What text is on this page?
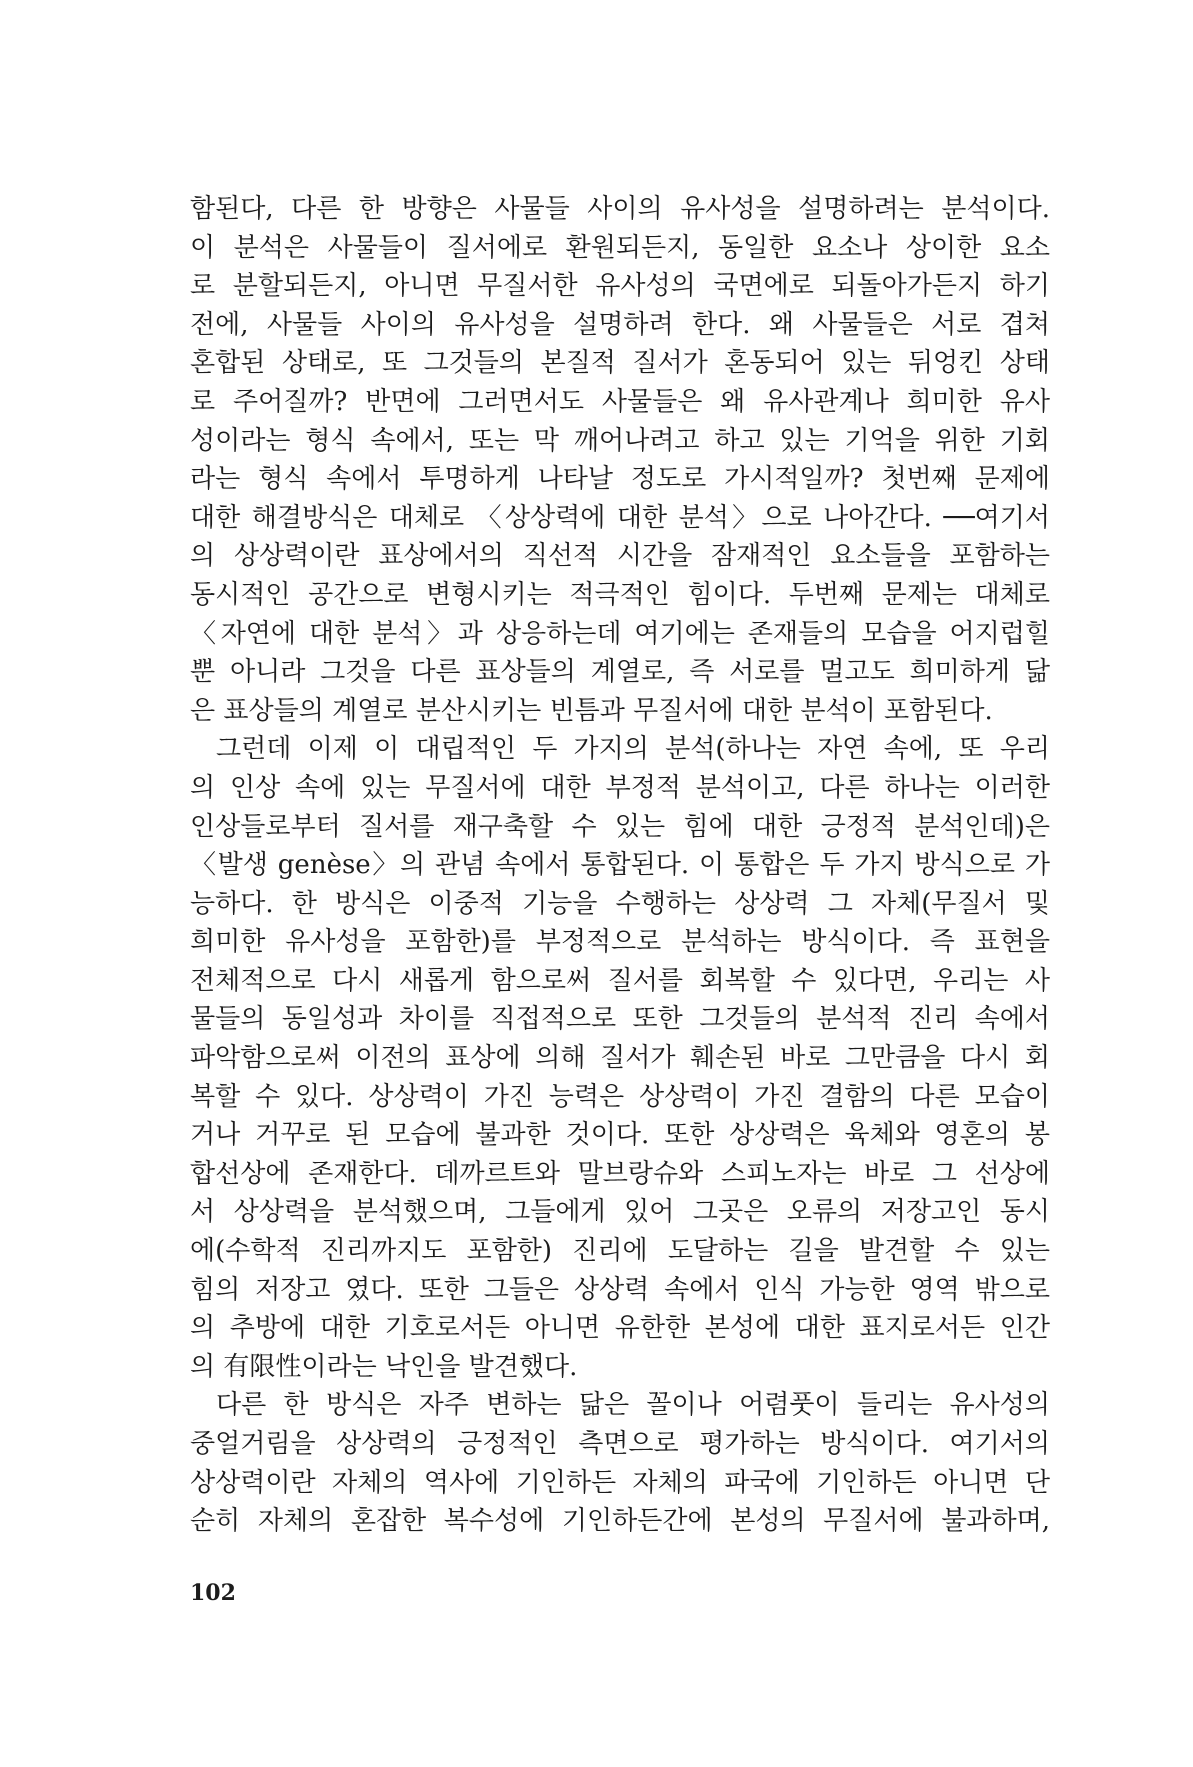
함된다, 다른 한 방향은 사물들 사이의 유사성을 설명하려는 분석이다.
이 분석은 사물들이 질서에로 환원되든지, 동일한 요소나 상이한 요소
로 분할되든지, 아니면 무질서한 유사성의 국면에로 되돌아가든지 하기
전에, 사물들 사이의 유사성을 설명하려 한다. 왜 사물들은 서로 겹쳐
혼합된 상태로, 또 그것들의 본질적 질서가 혼동되어 있는 뒤엉킨 상태
로 주어질까? 반면에 그러면서도 사물들은 왜 유사관계나 희미한 유사
성이라는 형식 속에서, 또는 막 깨어나려고 하고 있는 기억을 위한 기회
라는 형식 속에서 투명하게 나타날 정도로 가시적일까? 첫번째 문제에
대한 해결방식은 대체로 〈상상력에 대한 분석〉으로 나아간다. ──여기서
의 상상력이란 표상에서의 직선적 시간을 잠재적인 요소들을 포함하는
동시적인 공간으로 변형시키는 적극적인 힘이다. 두번째 문제는 대체로
〈자연에 대한 분석〉과 상응하는데 여기에는 존재들의 모습을 어지럽힐
뿐 아니라 그것을 다른 표상들의 계열로, 즉 서로를 멀고도 희미하게 닮
은 표상들의 계열로 분산시키는 빈틈과 무질서에 대한 분석이 포함된다.
그런데 이제 이 대립적인 두 가지의 분석(하나는 자연 속에, 또 우리
의 인상 속에 있는 무질서에 대한 부정적 분석이고, 다른 하나는 이러한
인상들로부터 질서를 재구축할 수 있는 힘에 대한 긍정적 분석인데)은
〈발생 genèse〉의 관념 속에서 통합된다. 이 통합은 두 가지 방식으로 가
능하다. 한 방식은 이중적 기능을 수행하는 상상력 그 자체(무질서 및
희미한 유사성을 포함한)를 부정적으로 분석하는 방식이다. 즉 표현을
전체적으로 다시 새롭게 함으로써 질서를 회복할 수 있다면, 우리는 사
물들의 동일성과 차이를 직접적으로 또한 그것들의 분석적 진리 속에서
파악함으로써 이전의 표상에 의해 질서가 훼손된 바로 그만큼을 다시 회
복할 수 있다. 상상력이 가진 능력은 상상력이 가진 결함의 다른 모습이
거나 거꾸로 된 모습에 불과한 것이다. 또한 상상력은 육체와 영혼의 봉
합선상에 존재한다. 데까르트와 말브랑슈와 스피노자는 바로 그 선상에
서 상상력을 분석했으며, 그들에게 있어 그곳은 오류의 저장고인 동시
에(수학적 진리까지도 포함한) 진리에 도달하는 길을 발견할 수 있는
힘의 저장고 였다. 또한 그들은 상상력 속에서 인식 가능한 영역 밖으로
의 추방에 대한 기호로서든 아니면 유한한 본성에 대한 표지로서든 인간
의 有限性이라는 낙인을 발견했다.
다른 한 방식은 자주 변하는 닮은 꼴이나 어렴풋이 들리는 유사성의
중얼거림을 상상력의 긍정적인 측면으로 평가하는 방식이다. 여기서의
상상력이란 자체의 역사에 기인하든 자체의 파국에 기인하든 아니면 단
순히 자체의 혼잡한 복수성에 기인하든간에 본성의 무질서에 불과하며,
102
